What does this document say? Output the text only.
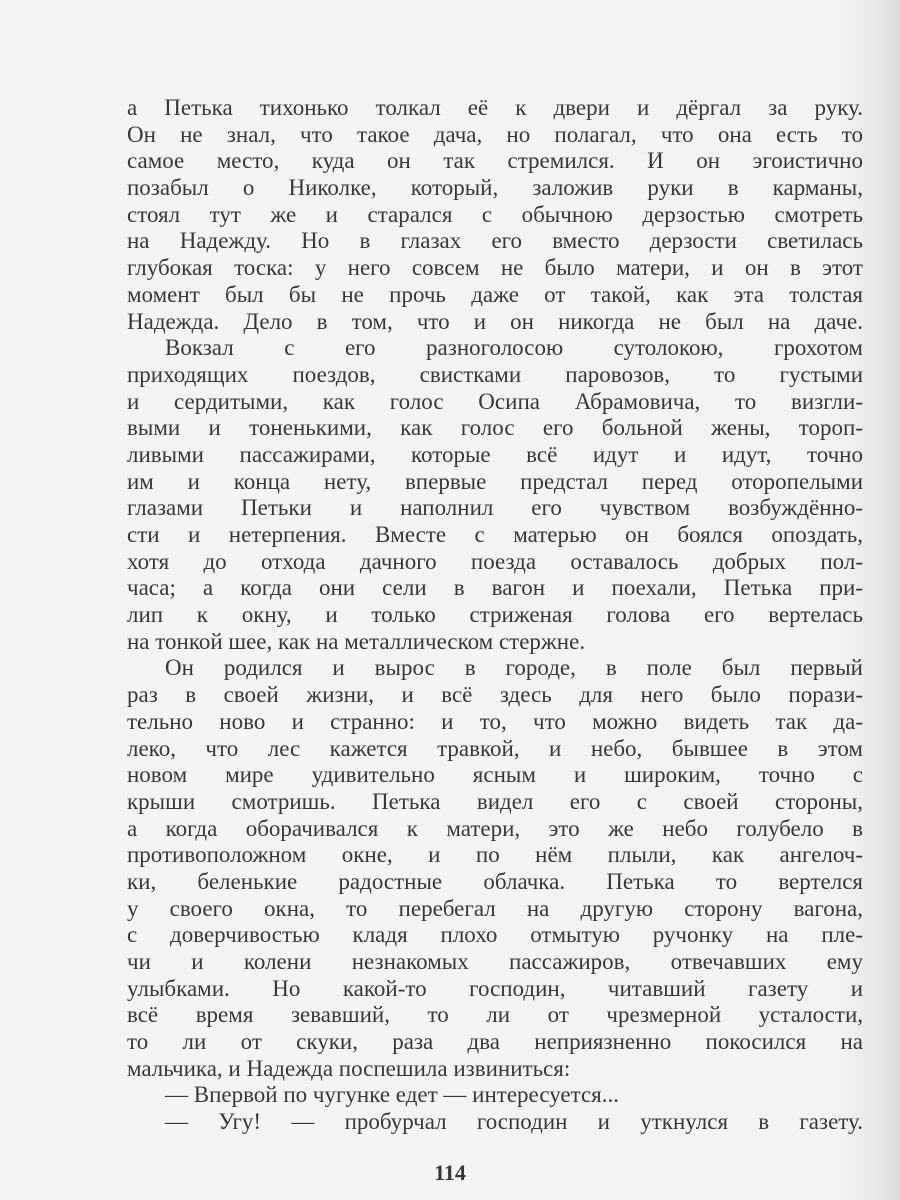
а Петька тихонько толкал её к двери и дёргал за руку.
Он не знал, что такое дача, но полагал, что она есть то
самое место, куда он так стремился. И он эгоистично
позабыл о Николке, который, заложив руки в карманы,
стоял тут же и старался с обычною дерзостью смотреть
на Надежду. Но в глазах его вместо дерзости светилась
глубокая тоска: у него совсем не было матери, и он в этот
момент был бы не прочь даже от такой, как эта толстая
Надежда. Дело в том, что и он никогда не был на даче.
Вокзал с его разноголосою сутолокою, грохотом
приходящих поездов, свистками паровозов, то густыми
и сердитыми, как голос Осипа Абрамовича, то визгли-
выми и тоненькими, как голос его больной жены, тороп-
ливыми пассажирами, которые всё идут и идут, точно
им и конца нету, впервые предстал перед оторопелыми
глазами Петьки и наполнил его чувством возбуждённо-
сти и нетерпения. Вместе с матерью он боялся опоздать,
хотя до отхода дачного поезда оставалось добрых пол-
часа; а когда они сели в вагон и поехали, Петька при-
лип к окну, и только стриженая голова его вертелась
на тонкой шее, как на металлическом стержне.
Он родился и вырос в городе, в поле был первый
раз в своей жизни, и всё здесь для него было порази-
тельно ново и странно: и то, что можно видеть так да-
леко, что лес кажется травкой, и небо, бывшее в этом
новом мире удивительно ясным и широким, точно с
крыши смотришь. Петька видел его с своей стороны,
а когда оборачивался к матери, это же небо голубело в
противоположном окне, и по нём плыли, как ангелоч-
ки, беленькие радостные облачка. Петька то вертелся
у своего окна, то перебегал на другую сторону вагона,
с доверчивостью кладя плохо отмытую ручонку на пле-
чи и колени незнакомых пассажиров, отвечавших ему
улыбками. Но какой-то господин, читавший газету и
всё время зевавший, то ли от чрезмерной усталости,
то ли от скуки, раза два неприязненно покосился на
мальчика, и Надежда поспешила извиниться:
— Впервой по чугунке едет — интересуется...
— Угу! — пробурчал господин и уткнулся в газету.
114
